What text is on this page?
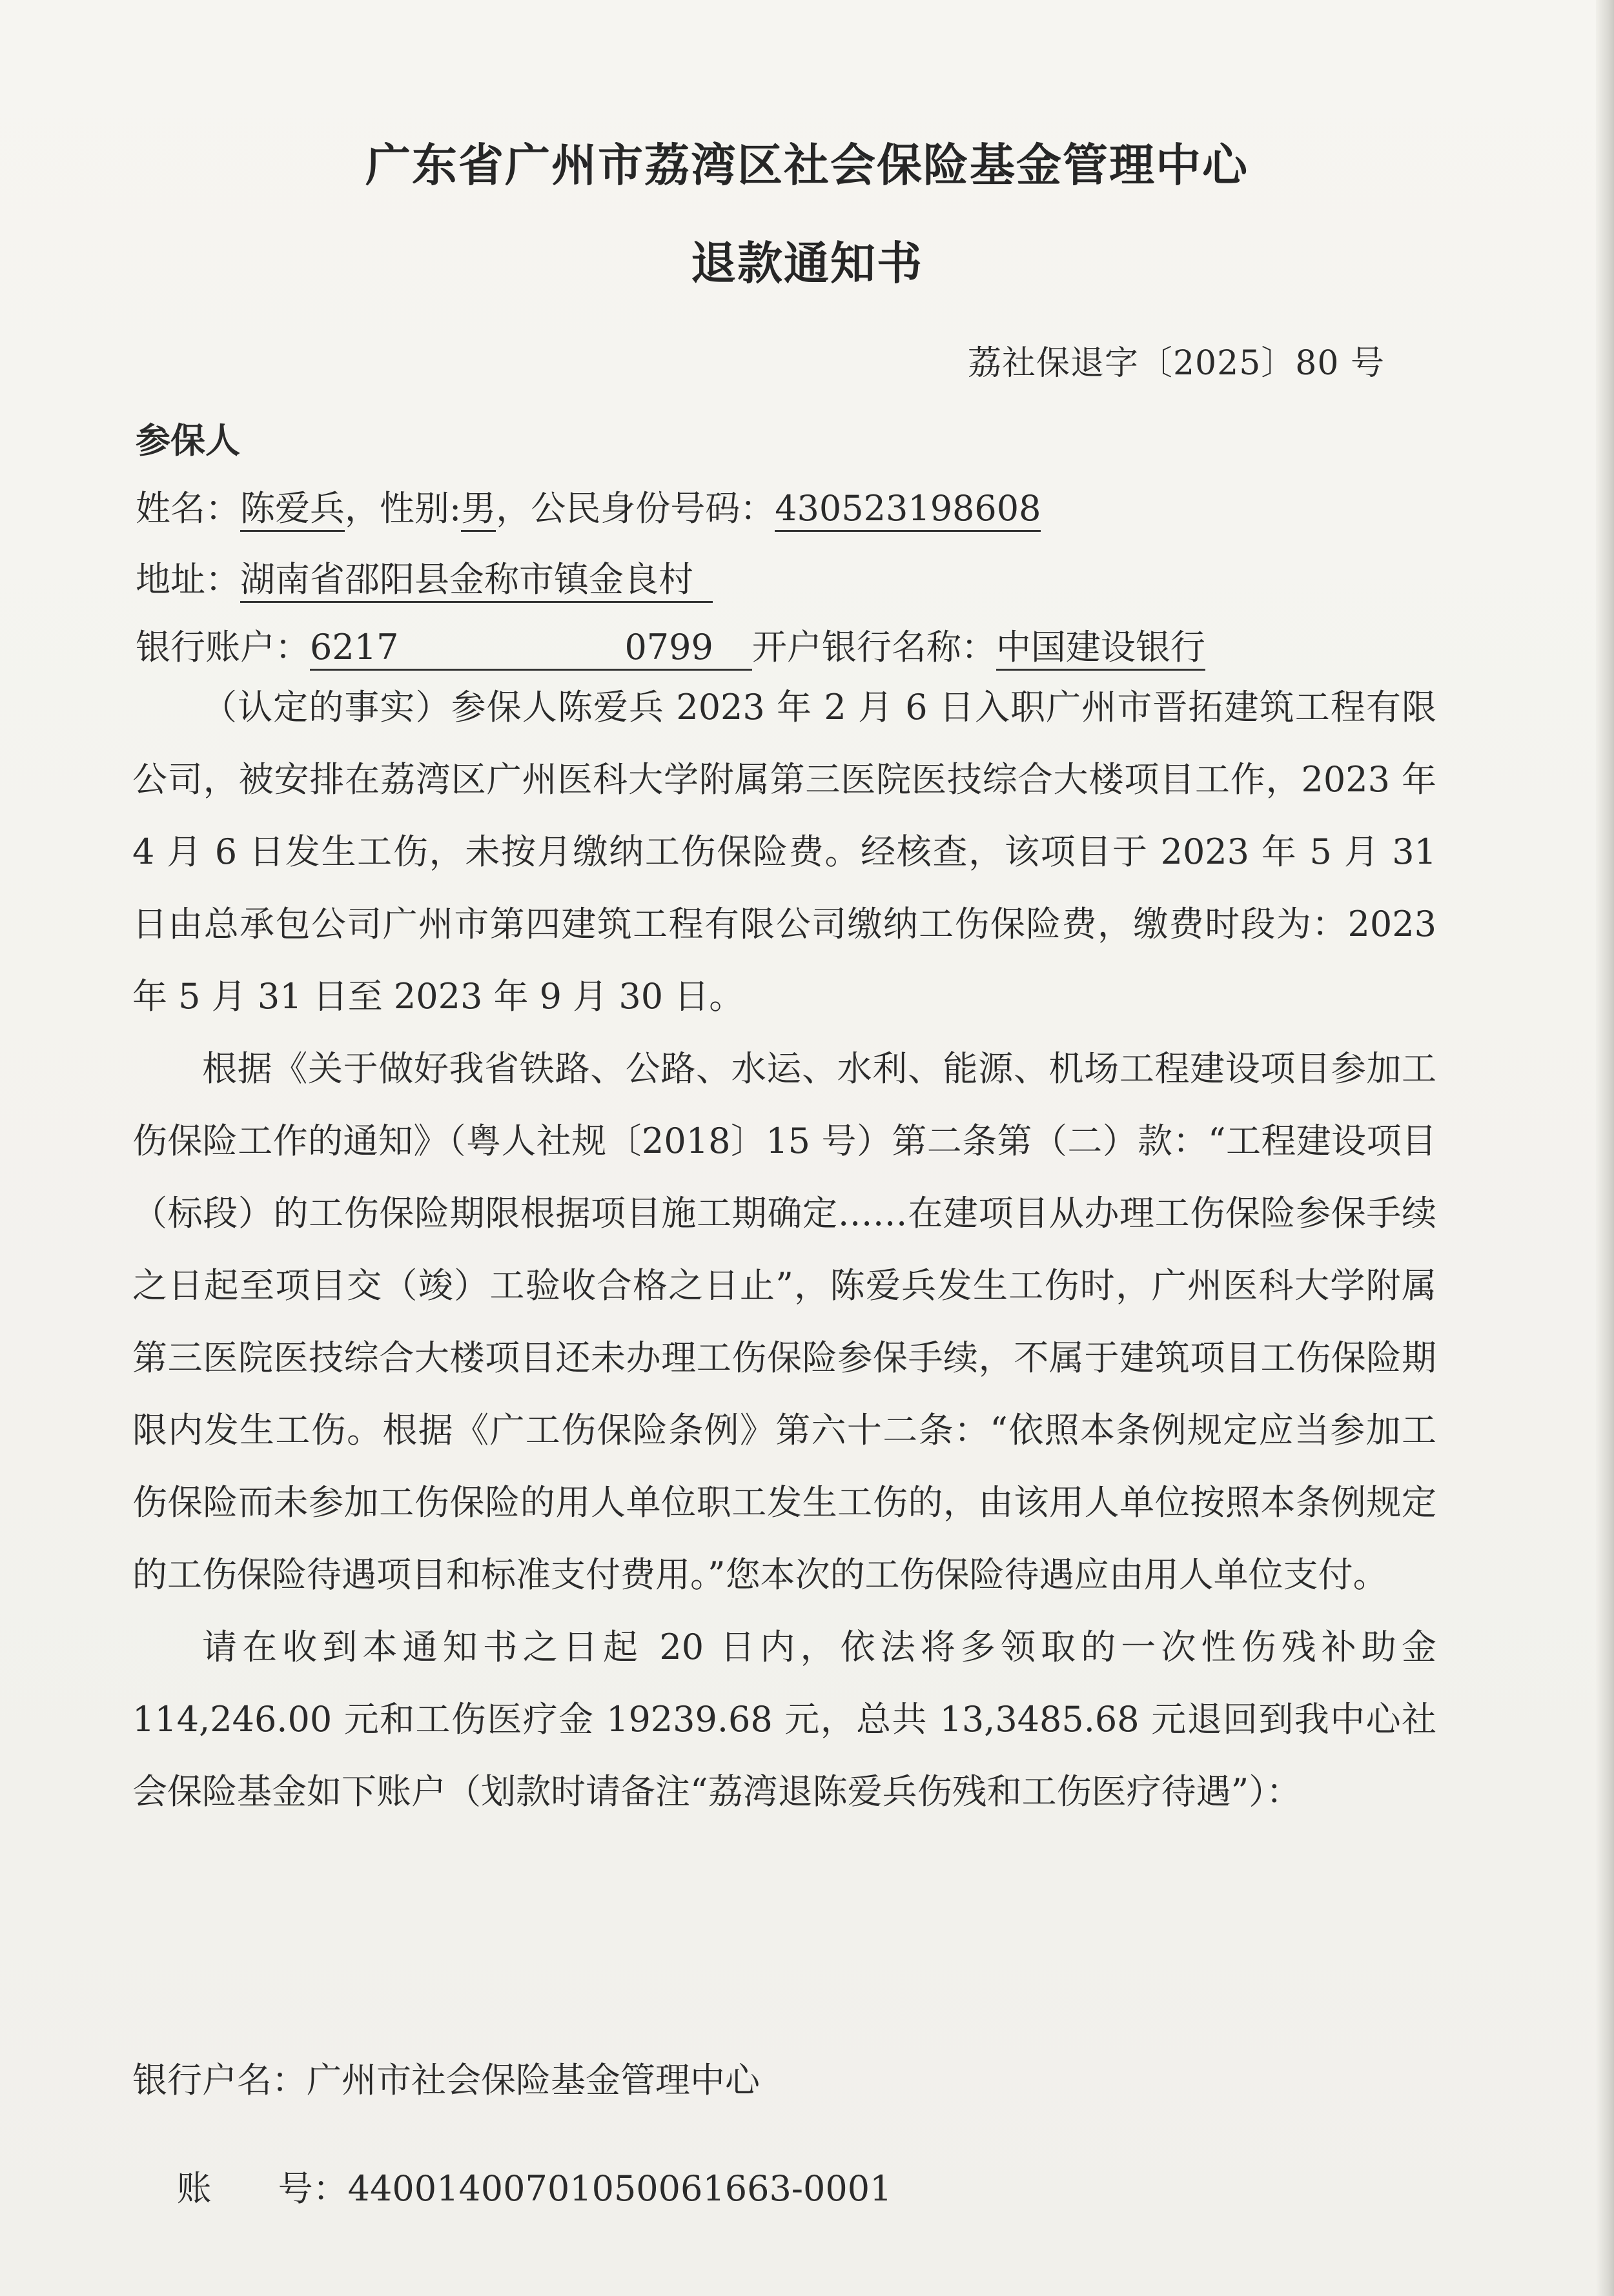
广东省广州市荔湾区社会保险基金管理中心
退款通知书
荔社保退字〔2025〕80 号
参保人
姓名：陈爱兵，性别:男，公民身份号码：430523198608
地址：湖南省邵阳县金称市镇金良村
银行账户：6217	0799 开户银行名称：中国建设银行

（认定的事实）参保人陈爱兵 2023 年 2 月 6 日入职广州市晋拓建筑工程有限公司，被安排在荔湾区广州医科大学附属第三医院医技综合大楼项目工作，2023 年 4 月 6 日发生工伤，未按月缴纳工伤保险费。经核查，该项目于 2023 年 5 月 31 日由总承包公司广州市第四建筑工程有限公司缴纳工伤保险费，缴费时段为：2023 年 5 月 31 日至 2023 年 9 月 30 日。

根据《关于做好我省铁路、公路、水运、水利、能源、机场工程建设项目参加工伤保险工作的通知》（粤人社规〔2018〕15 号）第二条第（二）款：“工程建设项目（标段）的工伤保险期限根据项目施工期确定……在建项目从办理工伤保险参保手续之日起至项目交（竣）工验收合格之日止”，陈爱兵发生工伤时，广州医科大学附属第三医院医技综合大楼项目还未办理工伤保险参保手续，不属于建筑项目工伤保险期限内发生工伤。根据《广工伤保险条例》第六十二条：“依照本条例规定应当参加工伤保险而未参加工伤保险的用人单位职工发生工伤的，由该用人单位按照本条例规定的工伤保险待遇项目和标准支付费用。”您本次的工伤保险待遇应由用人单位支付。

请在收到本通知书之日起 20 日内，依法将多领取的一次性伤残补助金 114,246.00 元和工伤医疗金 19239.68 元，总共 13,3485.68 元退回到我中心社会保险基金如下账户（划款时请备注“荔湾退陈爱兵伤残和工伤医疗待遇”）：

银行户名：广州市社会保险基金管理中心

账      号：44001400701050061663-0001
